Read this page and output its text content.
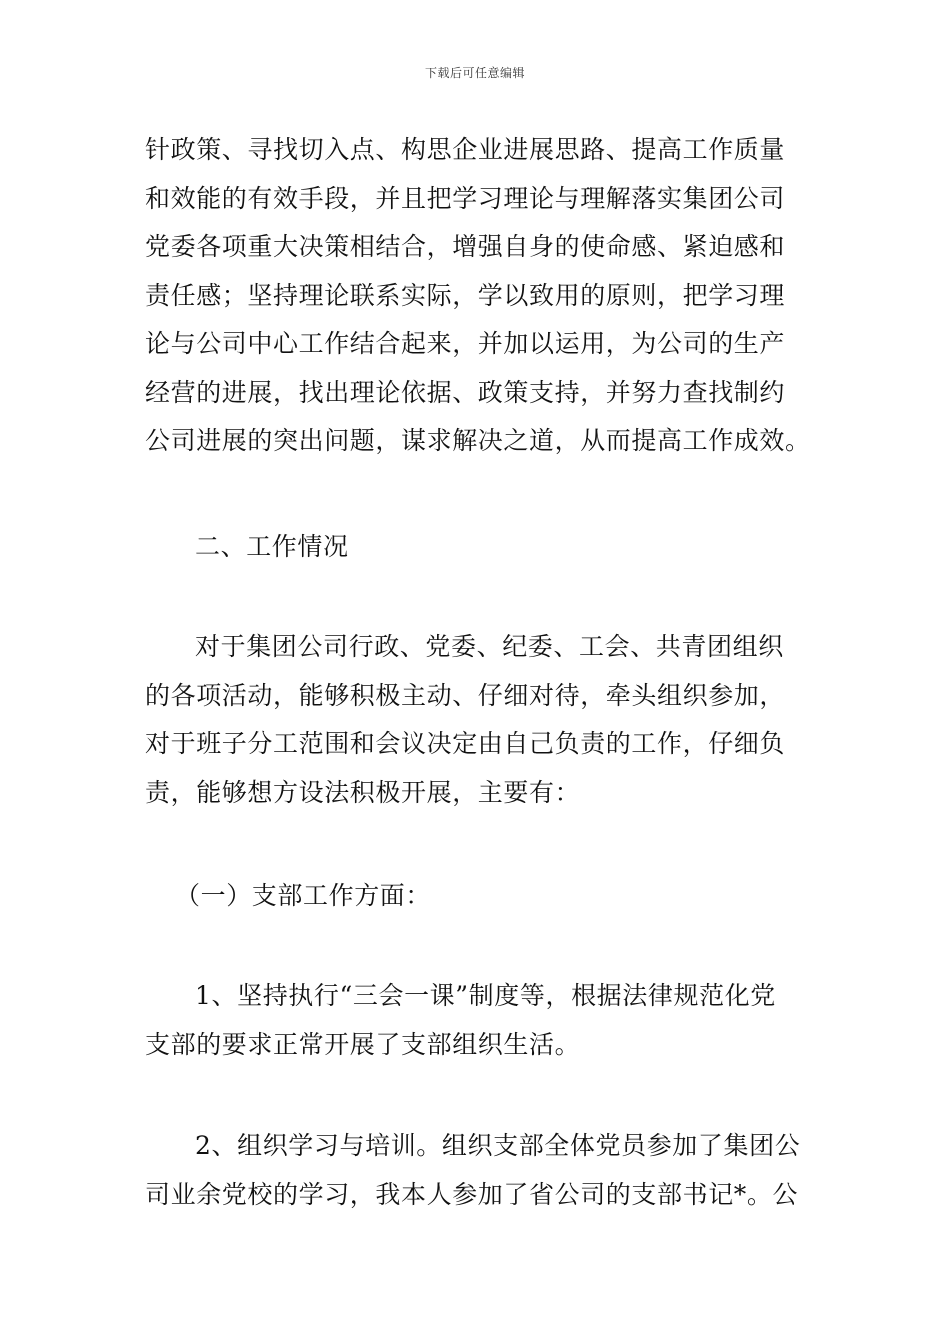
下载后可任意编辑
针政策、寻找切入点、构思企业进展思路、提高工作质量
和效能的有效手段，并且把学习理论与理解落实集团公司
党委各项重大决策相结合，增强自身的使命感、紧迫感和
责任感；坚持理论联系实际，学以致用的原则，把学习理
论与公司中心工作结合起来，并加以运用，为公司的生产
经营的进展，找出理论依据、政策支持，并努力查找制约
公司进展的突出问题，谋求解决之道，从而提高工作成效。
二、工作情况
对于集团公司行政、党委、纪委、工会、共青团组织
的各项活动，能够积极主动、仔细对待，牵头组织参加，
对于班子分工范围和会议决定由自己负责的工作，仔细负
责，能够想方设法积极开展，主要有：
（一）支部工作方面：
1、坚持执行“三会一课”制度等，根据法律规范化党
支部的要求正常开展了支部组织生活。
2、组织学习与培训。组织支部全体党员参加了集团公
司业余党校的学习，我本人参加了省公司的支部书记*。公
